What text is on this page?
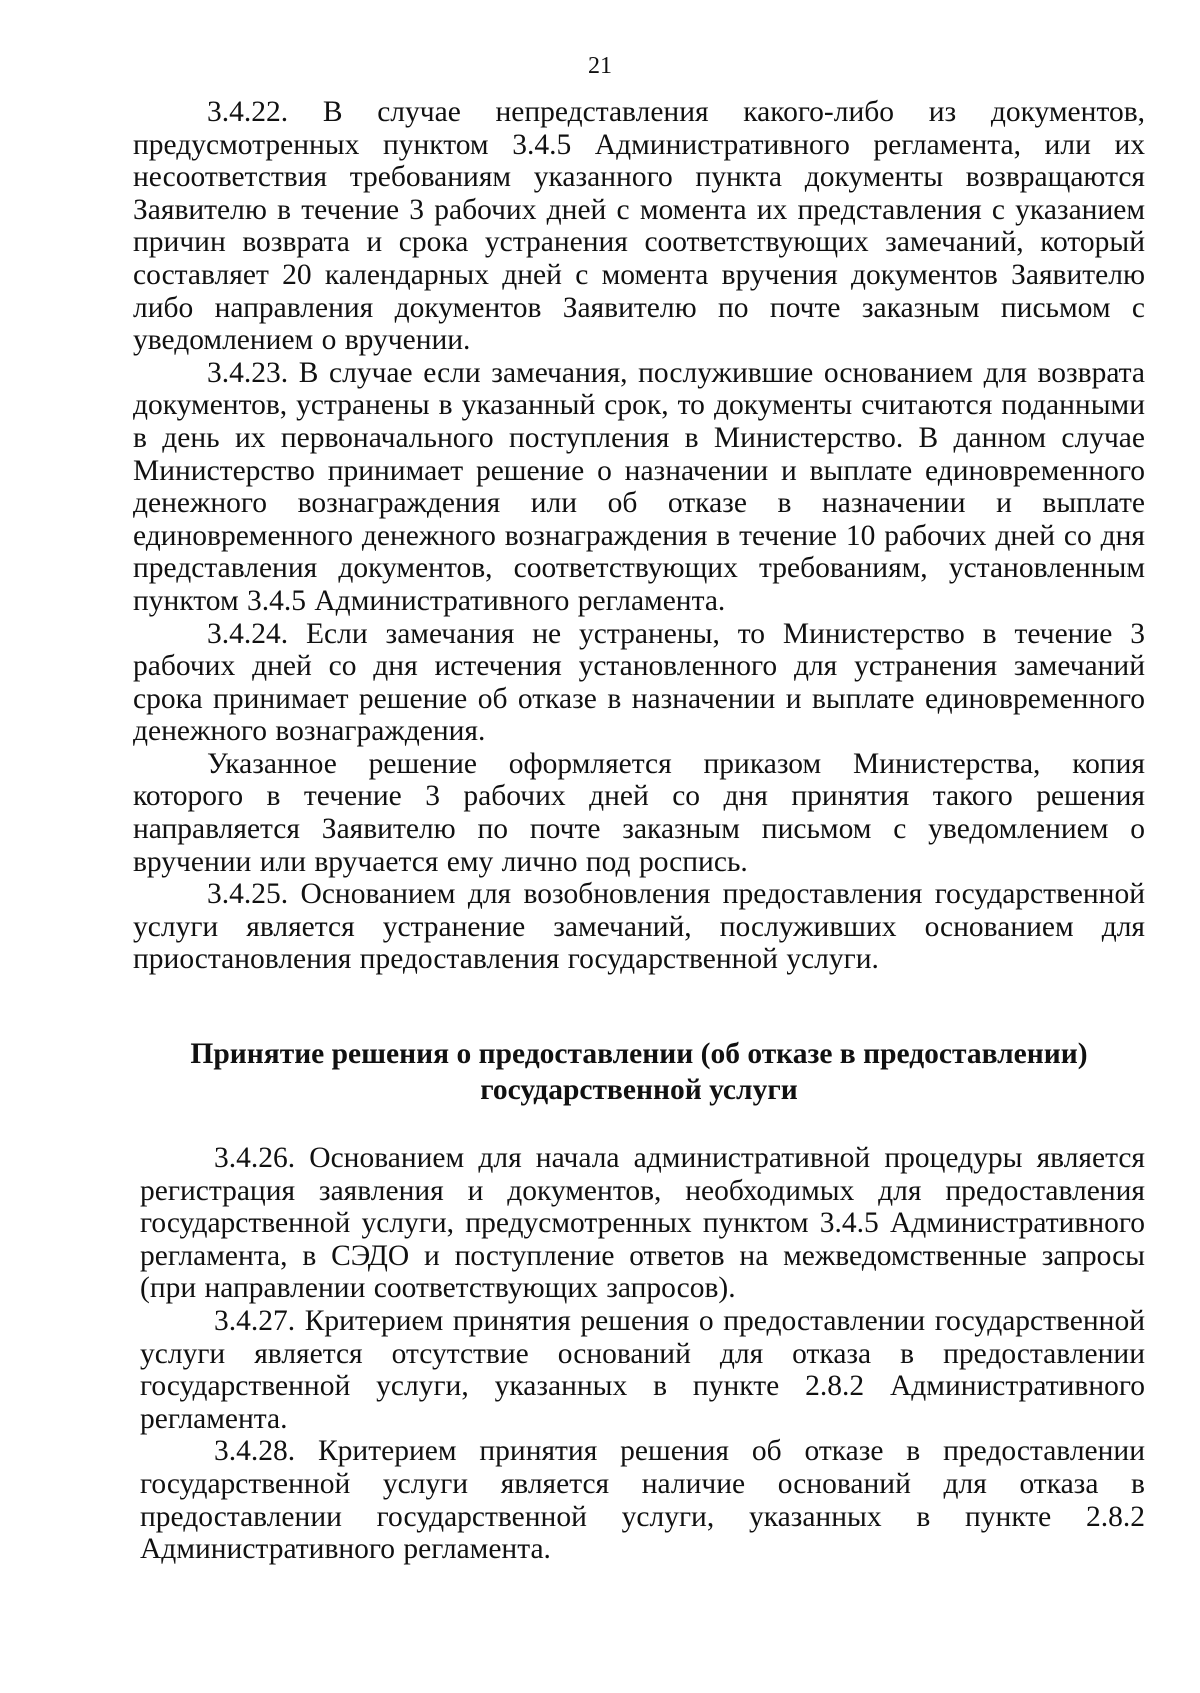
21

3.4.22. В случае непредставления какого-либо из документов, предусмотренных пунктом 3.4.5 Административного регламента, или их несоответствия требованиям указанного пункта документы возвращаются Заявителю в течение 3 рабочих дней с момента их представления с указанием причин возврата и срока устранения соответствующих замечаний, который составляет 20 календарных дней с момента вручения документов Заявителю либо направления документов Заявителю по почте заказным письмом с уведомлением о вручении.

3.4.23. В случае если замечания, послужившие основанием для возврата документов, устранены в указанный срок, то документы считаются поданными в день их первоначального поступления в Министерство. В данном случае Министерство принимает решение о назначении и выплате единовременного денежного вознаграждения или об отказе в назначении и выплате единовременного денежного вознаграждения в течение 10 рабочих дней со дня представления документов, соответствующих требованиям, установленным пунктом 3.4.5 Административного регламента.

3.4.24. Если замечания не устранены, то Министерство в течение 3 рабочих дней со дня истечения установленного для устранения замечаний срока принимает решение об отказе в назначении и выплате единовременного денежного вознаграждения.

Указанное решение оформляется приказом Министерства, копия которого в течение 3 рабочих дней со дня принятия такого решения направляется Заявителю по почте заказным письмом с уведомлением о вручении или вручается ему лично под роспись.

3.4.25. Основанием для возобновления предоставления государственной услуги является устранение замечаний, послуживших основанием для приостановления предоставления государственной услуги.

Принятие решения о предоставлении (об отказе в предоставлении)
государственной услуги

3.4.26. Основанием для начала административной процедуры является регистрация заявления и документов, необходимых для предоставления государственной услуги, предусмотренных пунктом 3.4.5 Административного регламента, в СЭДО и поступление ответов на межведомственные запросы (при направлении соответствующих запросов).

3.4.27. Критерием принятия решения о предоставлении государственной услуги является отсутствие оснований для отказа в предоставлении государственной услуги, указанных в пункте 2.8.2 Административного регламента.

3.4.28. Критерием принятия решения об отказе в предоставлении государственной услуги является наличие оснований для отказа в предоставлении государственной услуги, указанных в пункте 2.8.2 Административного регламента.
